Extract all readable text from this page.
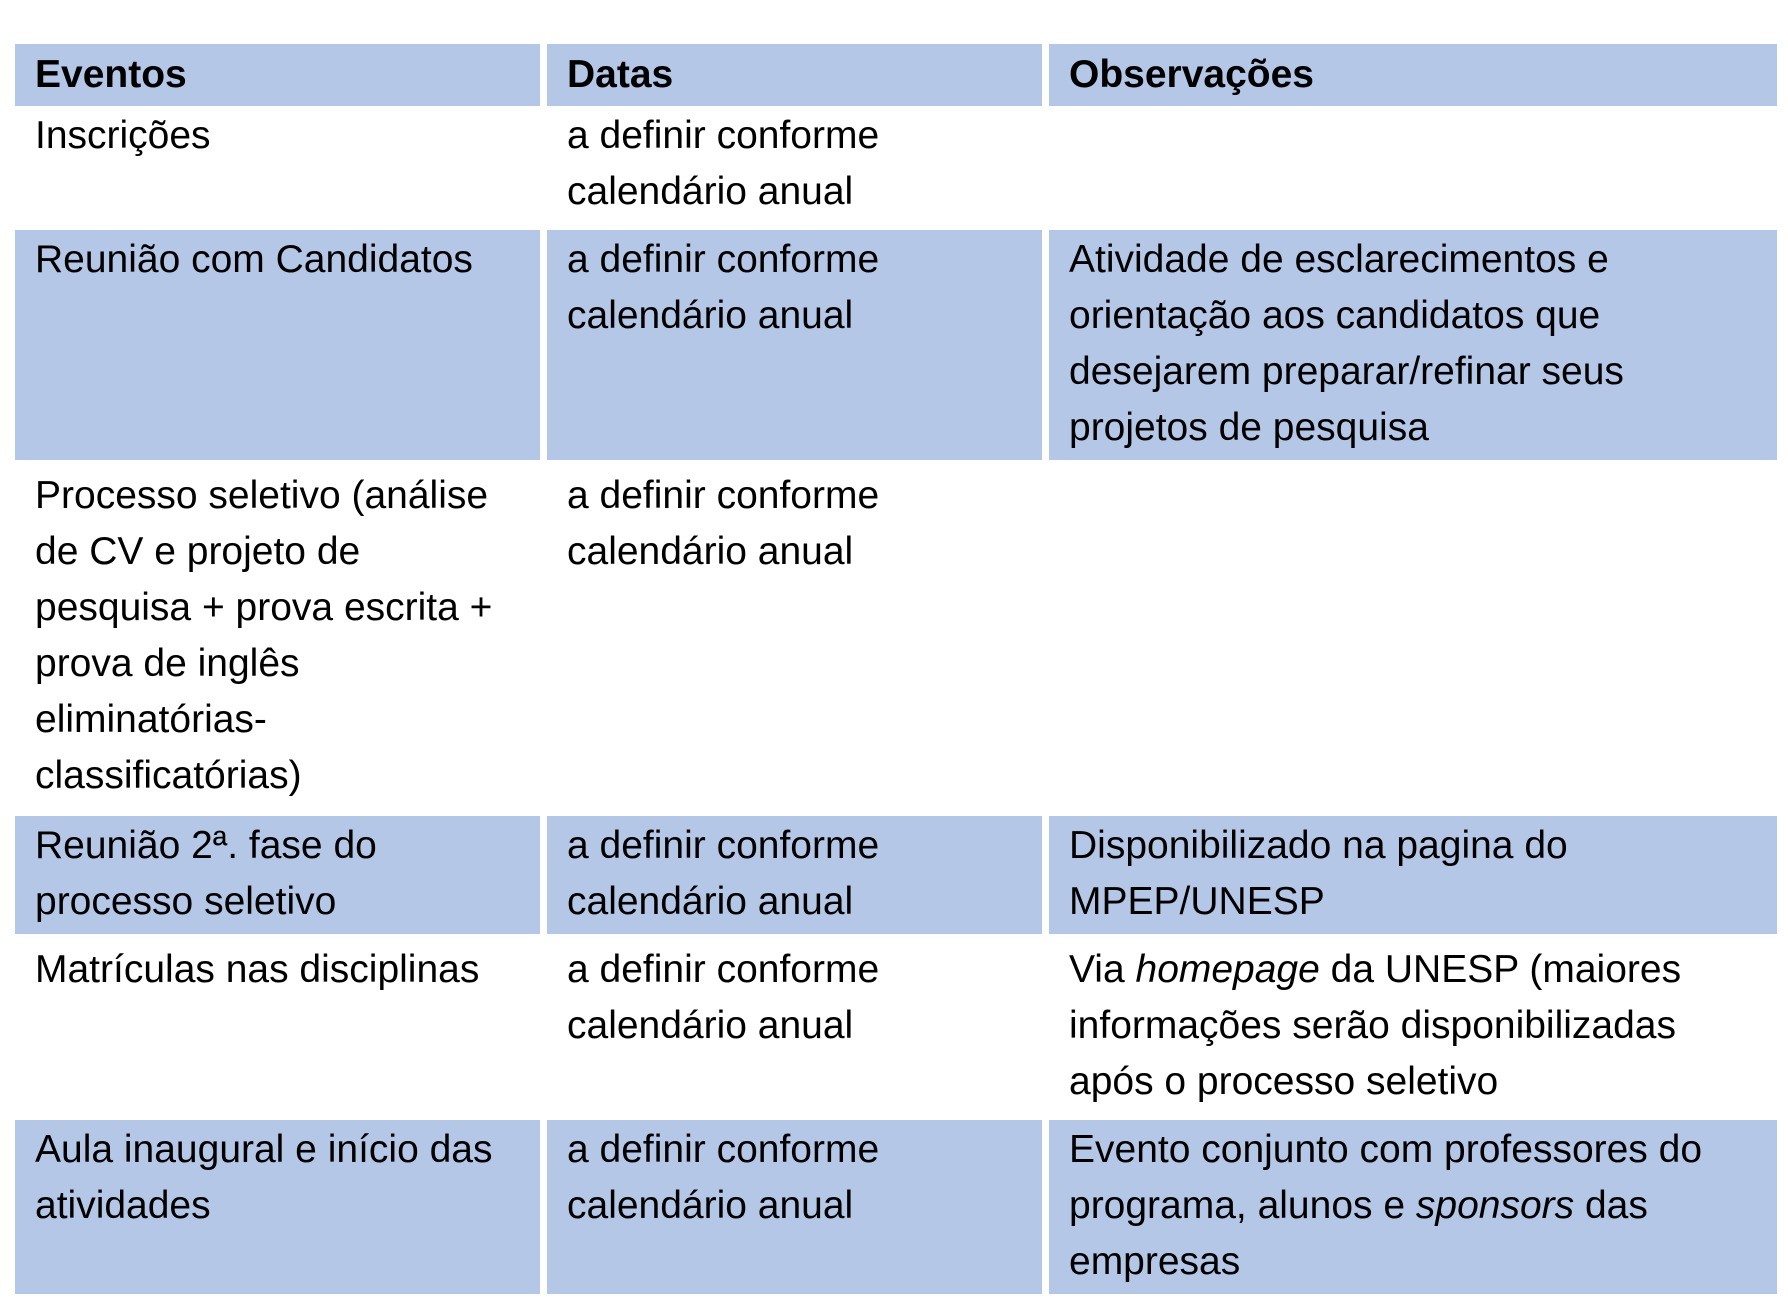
Eventos	Datas	Observações
Inscrições	a definir conforme calendário anual	
Reunião com Candidatos	a definir conforme calendário anual	Atividade de esclarecimentos e orientação aos candidatos que desejarem preparar/refinar seus projetos de pesquisa
Processo seletivo (análise de CV e projeto de pesquisa + prova escrita + prova de inglês eliminatórias- classificatórias)	a definir conforme calendário anual	
Reunião 2ª. fase do processo seletivo	a definir conforme calendário anual	Disponibilizado na pagina do MPEP/UNESP
Matrículas nas disciplinas	a definir conforme calendário anual	Via homepage da UNESP (maiores informações serão disponibilizadas após o processo seletivo
Aula inaugural e início das atividades	a definir conforme calendário anual	Evento conjunto com professores do programa, alunos e sponsors das empresas
